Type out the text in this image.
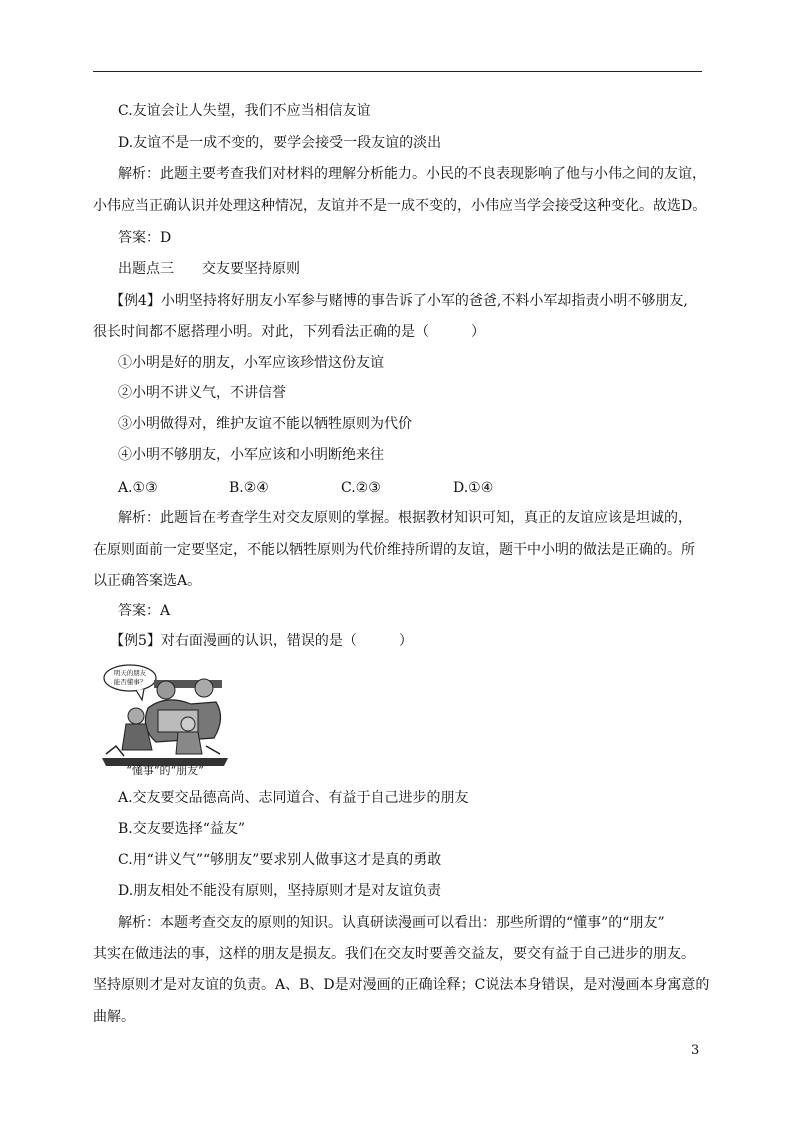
C.友谊会让人失望，我们不应当相信友谊
D.友谊不是一成不变的，要学会接受一段友谊的淡出
解析：此题主要考查我们对材料的理解分析能力。小民的不良表现影响了他与小伟之间的友谊，
小伟应当正确认识并处理这种情况，友谊并不是一成不变的，小伟应当学会接受这种变化。故选D。
答案：D
出题点三　　交友要坚持原则
【例4】小明坚持将好朋友小军参与赌博的事告诉了小军的爸爸,不料小军却指责小明不够朋友,
很长时间都不愿搭理小明。对此，下列看法正确的是（　　　）
①小明是好的朋友，小军应该珍惜这份友谊
②小明不讲义气，不讲信誉
③小明做得对，维护友谊不能以牺牲原则为代价
④小明不够朋友，小军应该和小明断绝来往
A.①③	B.②④	C.②③	D.①④
解析：此题旨在考查学生对交友原则的掌握。根据教材知识可知，真正的友谊应该是坦诚的，
在原则面前一定要坚定，不能以牺牲原则为代价维持所谓的友谊，题干中小明的做法是正确的。所
以正确答案选A。
答案：A
【例5】对右面漫画的认识，错误的是（　　　）
明天的朋友
能否懂事？
“懂事”的“朋友”
A.交友要交品德高尚、志同道合、有益于自己进步的朋友
B.交友要选择“益友”
C.用“讲义气”“够朋友”要求别人做事这才是真的勇敢
D.朋友相处不能没有原则，坚持原则才是对友谊负责
解析：本题考查交友的原则的知识。认真研读漫画可以看出：那些所谓的“懂事”的“朋友”
其实在做违法的事，这样的朋友是损友。我们在交友时要善交益友，要交有益于自己进步的朋友。
坚持原则才是对友谊的负责。A、B、D是对漫画的正确诠释；C说法本身错误，是对漫画本身寓意的
曲解。
3
